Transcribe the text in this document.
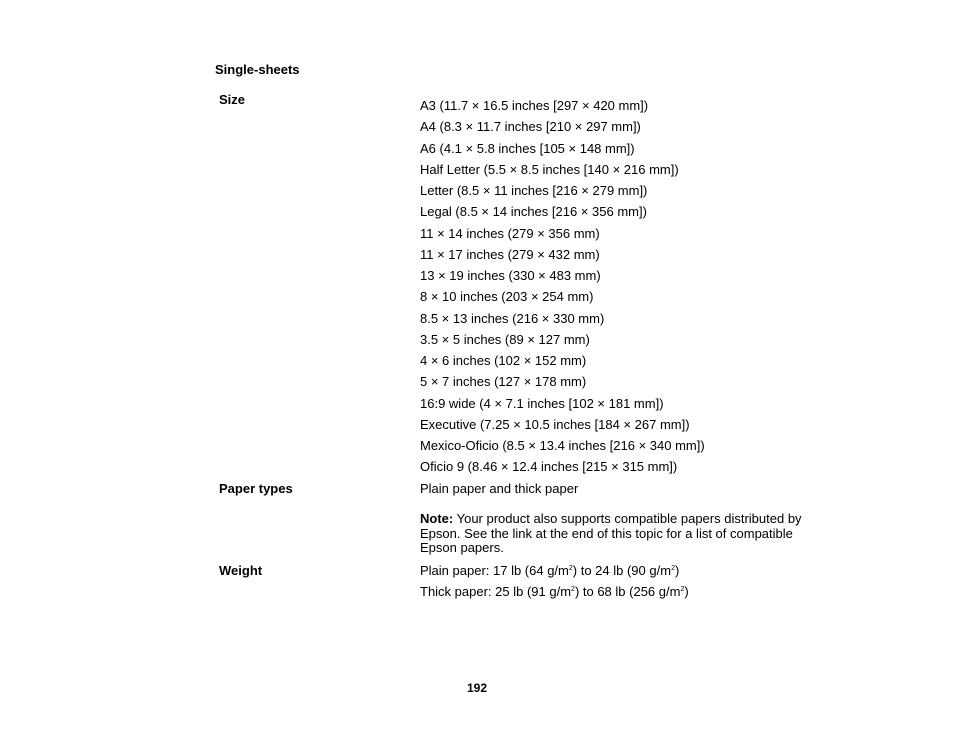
Single-sheets
Size	A3 (11.7 × 16.5 inches [297 × 420 mm])
A4 (8.3 × 11.7 inches [210 × 297 mm])
A6 (4.1 × 5.8 inches [105 × 148 mm])
Half Letter (5.5 × 8.5 inches [140 × 216 mm])
Letter (8.5 × 11 inches [216 × 279 mm])
Legal (8.5 × 14 inches [216 × 356 mm])
11 × 14 inches (279 × 356 mm)
11 × 17 inches (279 × 432 mm)
13 × 19 inches (330 × 483 mm)
8 × 10 inches (203 × 254 mm)
8.5 × 13 inches (216 × 330 mm)
3.5 × 5 inches (89 × 127 mm)
4 × 6 inches (102 × 152 mm)
5 × 7 inches (127 × 178 mm)
16:9 wide (4 × 7.1 inches [102 × 181 mm])
Executive (7.25 × 10.5 inches [184 × 267 mm])
Mexico-Oficio (8.5 × 13.4 inches [216 × 340 mm])
Oficio 9 (8.46 × 12.4 inches [215 × 315 mm])
Paper types	Plain paper and thick paper
Note: Your product also supports compatible papers distributed by Epson. See the link at the end of this topic for a list of compatible Epson papers.
Weight	Plain paper: 17 lb (64 $g/m^2$) to 24 lb (90 $g/m^2$)
Thick paper: 25 lb (91 $g/m^2$) to 68 lb (256 $g/m^2$)
192
